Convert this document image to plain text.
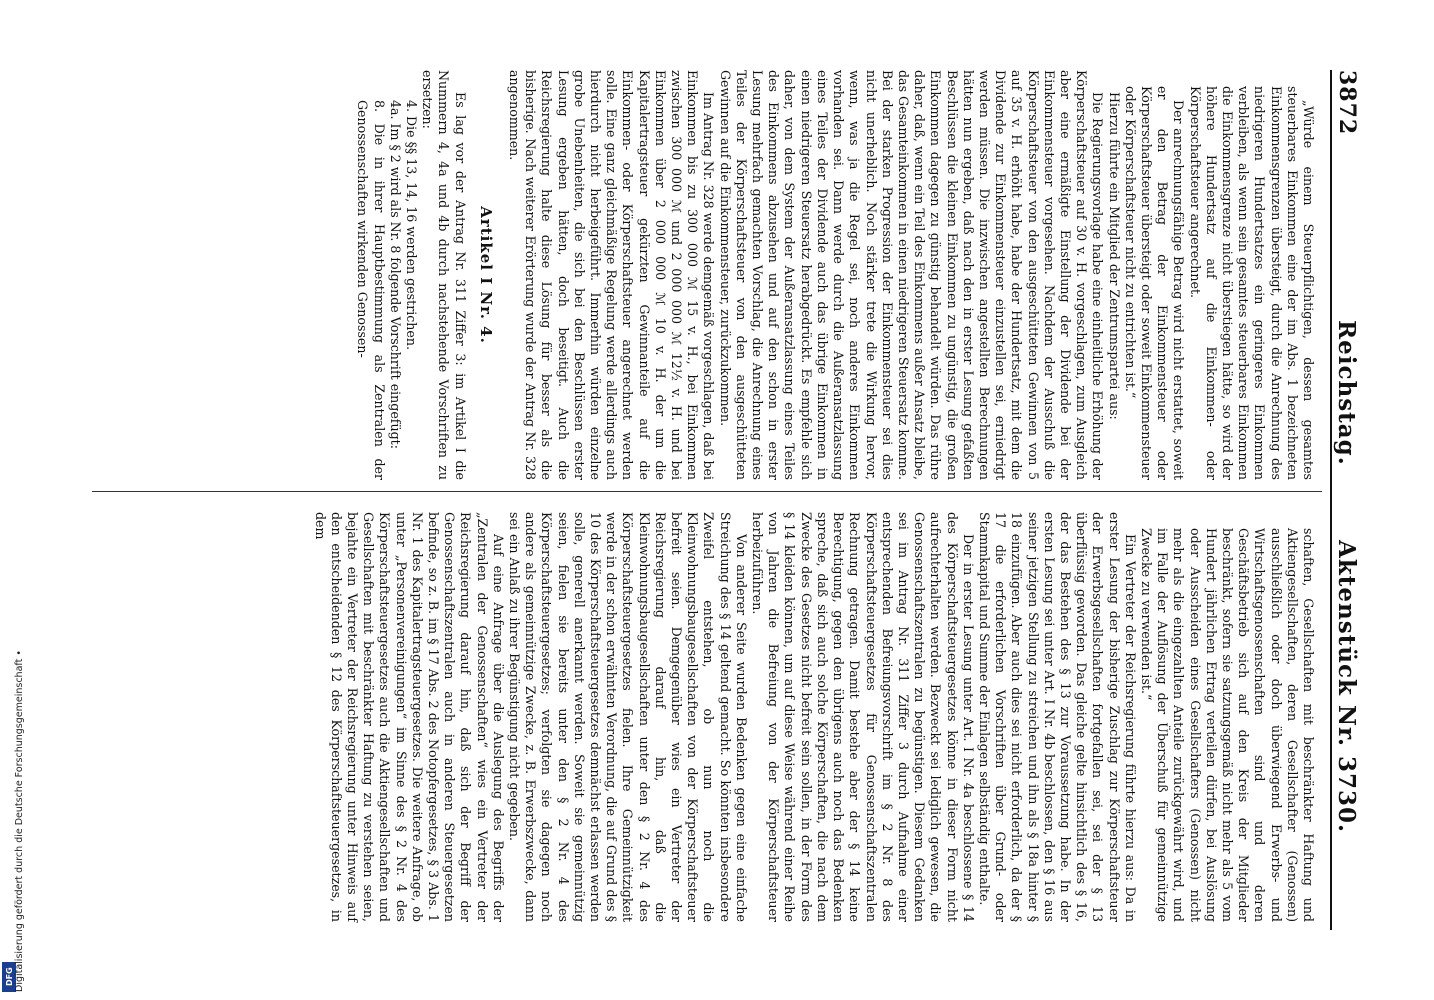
3872
Reichstag.
Aktenstück Nr. 3730.

„Würde einem Steuerpflichtigen, dessen gesamtes steuerbares Einkommen eine der im Abs. 1 bezeichneten Einkommensgrenzen übersteigt, durch die Anrechnung des niedrigeren Hundertsatzes ein geringeres Einkommen verbleiben, als wenn sein gesamtes steuerbares Einkommen die Einkommensgrenze nicht überstiegen hätte, so wird der höhere Hundertsatz auf die Einkommen- oder Körperschaftsteuer angerechnet.

Der anrechnungsfähige Betrag wird nicht erstattet, soweit er den Betrag der Einkommensteuer oder Körperschaftsteuer übersteigt oder soweit Einkommensteuer oder Körperschaftsteuer nicht zu entrichten ist.“

Hierzu führte ein Mitglied der Zentrumspartei aus:

Die Regierungsvorlage habe eine einheitliche Erhöhung der Körperschaftsteuer auf 30 v. H. vorgeschlagen, zum Ausgleich aber eine ermäßigte Einstellung der Dividende bei der Einkommensteuer vorgesehen. Nachdem der Ausschuß die Körperschaftsteuer von den ausgeschütteten Gewinnen von 5 auf 35 v. H. erhöht habe, habe der Hundertsatz, mit dem die Dividende zur Einkommensteuer einzustellen sei, erniedrigt werden müssen. Die inzwischen angestellten Berechnungen hätten nun ergeben, daß nach den in erster Lesung gefaßten Beschlüssen die kleinen Einkommen zu ungünstig, die großen Einkommen dagegen zu günstig behandelt würden. Das rühre daher, daß, wenn ein Teil des Einkommens außer Ansatz bleibe, das Gesamteinkommen in einen niedrigeren Steuersatz komme. Bei der starken Progression der Einkommensteuer sei dies nicht unerheblich. Noch stärker trete die Wirkung hervor, wenn, was ja die Regel sei, noch anderes Einkommen vorhanden sei. Dann werde durch die Außeransatzlassung eines Teiles der Dividende auch das übrige Einkommen in einen niedrigeren Steuersatz herabgedrückt. Es empfehle sich daher, von dem System der Außeransatzlassung eines Teiles des Einkommens abzusehen und auf den schon in erster Lesung mehrfach gemachten Vorschlag, die Anrechnung eines Teiles der Körperschaftsteuer von den ausgeschütteten Gewinnen auf die Einkommensteuer, zurückzukommen.

Im Antrag Nr. 328 werde demgemäß vorgeschlagen, daß bei Einkommen bis zu 300 000 ℳ 15 v. H., bei Einkommen zwischen 300 000 ℳ und 2 000 000 ℳ 12½ v. H. und bei Einkommen über 2 000 000 ℳ 10 v. H. der um die Kapitalertragsteuer gekürzten Gewinnanteile auf die Einkommen- oder Körperschaftsteuer angerechnet werden solle. Eine ganz gleichmäßige Regelung werde allerdings auch hierdurch nicht herbeigeführt. Immerhin würden einzelne grobe Unebenheiten, die sich bei den Beschlüssen erster Lesung ergeben hätten, doch beseitigt. Auch die Reichsregierung halte diese Lösung für besser als die bisherige. Nach weiterer Erörterung wurde der Antrag Nr. 328 angenommen.

Artikel I Nr. 4.

Es lag vor der Antrag Nr. 311 Ziffer 3: im Artikel I die Nummern 4, 4a und 4b durch nachstehende Vorschriften zu ersetzen:

4. Die §§ 13, 14, 16 werden gestrichen.

4a. Im § 2 wird als Nr. 8 folgende Vorschrift eingefügt:

8. Die in ihrer Hauptbestimmung als Zentralen der Genossenschaften wirkenden Genossen-

schaften, Gesellschaften mit beschränkter Haftung und Aktiengesellschaften, deren Gesellschafter (Genossen) ausschließlich oder doch überwiegend Erwerbs- und Wirtschaftsgenossenschaften sind und deren Geschäftsbetrieb sich auf den Kreis der Mitglieder beschränkt, sofern sie satzungsgemäß nicht mehr als 5 vom Hundert jährlichen Ertrag verteilen dürfen, bei Auslösung oder Ausscheiden eines Gesellschafters (Genossen) nicht mehr als die eingezahlten Anteile zurückgewährt wird, und im Falle der Auflösung der Überschuß für gemeinnützige Zwecke zu verwenden ist.“

Ein Vertreter der Reichsregierung führte hierzu aus: Da in erster Lesung der bisherige Zuschlag zur Körperschaftsteuer der Erwerbsgesellschaften fortgefallen sei, sei der § 13 überflüssig geworden. Das gleiche gelte hinsichtlich des § 16, der das Bestehen des § 13 zur Voraussetzung habe. In der ersten Lesung sei unter Art. I Nr. 4b beschlossen, den § 16 aus seiner jetzigen Stellung zu streichen und ihn als § 18a hinter § 18 einzufügen. Aber auch dies sei nicht erforderlich, da der § 17 die erforderlichen Vorschriften über Grund- oder Stammkapital und Summe der Einlagen selbständig enthalte.

Der in erster Lesung unter Art. I Nr. 4a beschlossene § 14 des Körperschaftsteuergesetzes könne in dieser Form nicht aufrechterhalten werden. Bezweckt sei lediglich gewesen, die Genossenschaftszentralen zu begünstigen. Diesem Gedanken sei im Antrag Nr. 311 Ziffer 3 durch Aufnahme einer entsprechenden Befreiungsvorschrift im § 2 Nr. 8 des Körperschaftsteuergesetzes für Genossenschaftszentralen Rechnung getragen. Damit bestehe aber der § 14 keine Berechtigung, gegen den übrigens auch noch das Bedenken spreche, daß sich auch solche Körperschaften, die nach dem Zwecke des Gesetzes nicht befreit sein sollen, in der Form des § 14 kleiden können, um auf diese Weise während einer Reihe von Jahren die Befreiung von der Körperschaftsteuer herbeizuführen.

Von anderer Seite wurden Bedenken gegen eine einfache Streichung des § 14 geltend gemacht. So könnten insbesondere Zweifel entstehen, ob nun noch die Kleinwohnungsbaugesellschaften von der Körperschaftsteuer befreit seien. Demgegenüber wies ein Vertreter der Reichsregierung darauf hin, daß die Kleinwohnungsbaugesellschaften unter den § 2 Nr. 4 des Körperschaftsteuergesetzes fielen. Ihre Gemeinnützigkeit werde in der schon erwähnten Verordnung, die auf Grund des § 10 des Körperschaftsteuergesetzes demnächst erlassen werden solle, generell anerkannt werden. Soweit sie gemeinnützig seien, fielen sie bereits unter den § 2 Nr. 4 des Körperschaftsteuergesetzes; verfolgten sie dagegen noch andere als gemeinnützige Zwecke, z. B. Erwerbszwecke, dann sei ein Anlaß zu ihrer Begünstigung nicht gegeben.

Auf eine Anfrage über die Auslegung des Begriffs der „Zentralen der Genossenschaften“ wies ein Vertreter der Reichsregierung darauf hin, daß sich der Begriff der Genossenschaftszentralen auch in anderen Steuergesetzen befinde, so z. B. im § 17 Abs. 2 des Notopfergesetzes, § 3 Abs. 1 Nr. 1 des Kapitalertragsteuergesetzes. Die weitere Anfrage, ob unter „Personenvereinigungen“ im Sinne des § 2 Nr. 4 des Körperschaftsteuergesetzes auch die Aktiengesellschaften und Gesellschaften mit beschränkter Haftung zu verstehen seien, bejahte ein Vertreter der Reichsregierung unter Hinweis auf den entscheidenden § 12 des Körperschaftsteuergesetzes, in dem

DFG Digitalisierung gefördert durch die Deutsche Forschungsgemeinschaft •
